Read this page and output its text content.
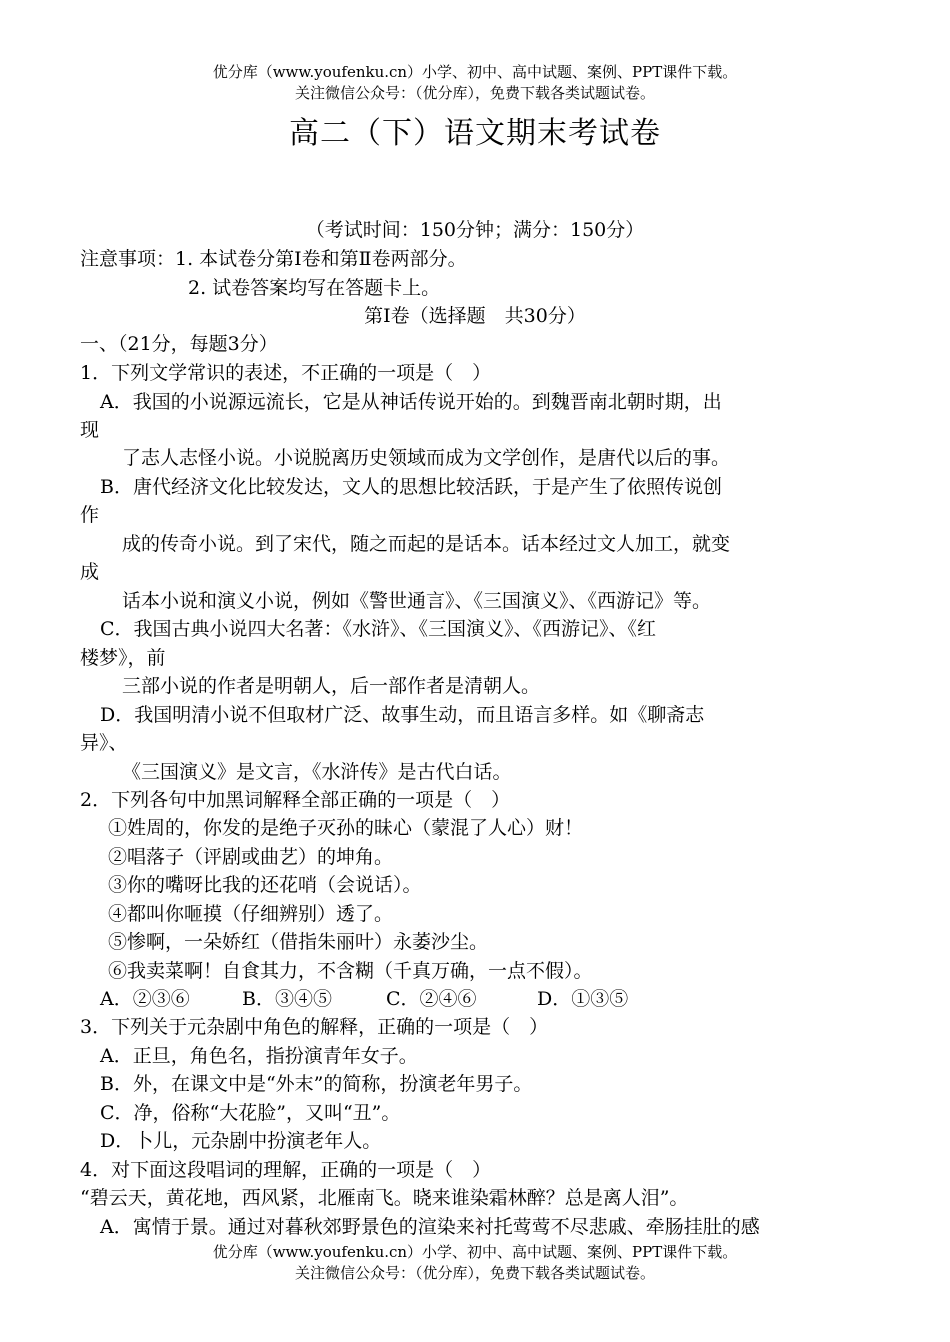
优分库（www.youfenku.cn）小学、初中、高中试题、案例、PPT课件下载。
关注微信公众号：（优分库），免费下载各类试题试卷。
高二（下）语文期末考试卷
（考试时间：150分钟；满分：150分）
注意事项：1. 本试卷分第Ⅰ卷和第Ⅱ卷两部分。
2. 试卷答案均写在答题卡上。
第Ⅰ卷（选择题　共30分）
一、（21分，每题3分）
1．下列文学常识的表述，不正确的一项是（　）
A．我国的小说源远流长，它是从神话传说开始的。到魏晋南北朝时期，出
现
了志人志怪小说。小说脱离历史领域而成为文学创作，是唐代以后的事。
B．唐代经济文化比较发达，文人的思想比较活跃，于是产生了依照传说创
作
成的传奇小说。到了宋代，随之而起的是话本。话本经过文人加工，就变
成
话本小说和演义小说，例如《警世通言》、《三国演义》、《西游记》等。
C．我国古典小说四大名著：《水浒》、《三国演义》、《西游记》、《红
楼梦》，前
三部小说的作者是明朝人，后一部作者是清朝人。
D．我国明清小说不但取材广泛、故事生动，而且语言多样。如《聊斋志
异》、
《三国演义》是文言，《水浒传》是古代白话。
2．下列各句中加黑词解释全部正确的一项是（　）
①姓周的，你发的是绝子灭孙的昧心（蒙混了人心）财！
②唱落子（评剧或曲艺）的坤角。
③你的嘴呀比我的还花哨（会说话）。
④都叫你咂摸（仔细辨别）透了。
⑤惨啊，一朵娇红（借指朱丽叶）永萎沙尘。
⑥我卖菜啊！自食其力，不含糊（千真万确，一点不假）。
A．②③⑥	B．③④⑤	C．②④⑥	D．①③⑤
3．下列关于元杂剧中角色的解释，正确的一项是（　）
A．正旦，角色名，指扮演青年女子。
B．外，在课文中是“外末”的简称，扮演老年男子。
C．净，俗称“大花脸”，又叫“丑”。
D．卜儿，元杂剧中扮演老年人。
4．对下面这段唱词的理解，正确的一项是（　）
“碧云天，黄花地，西风紧，北雁南飞。晓来谁染霜林醉？总是离人泪”。
A．寓情于景。通过对暮秋郊野景色的渲染来衬托莺莺不尽悲戚、牵肠挂肚的感
优分库（www.youfenku.cn）小学、初中、高中试题、案例、PPT课件下载。
关注微信公众号：（优分库），免费下载各类试题试卷。
